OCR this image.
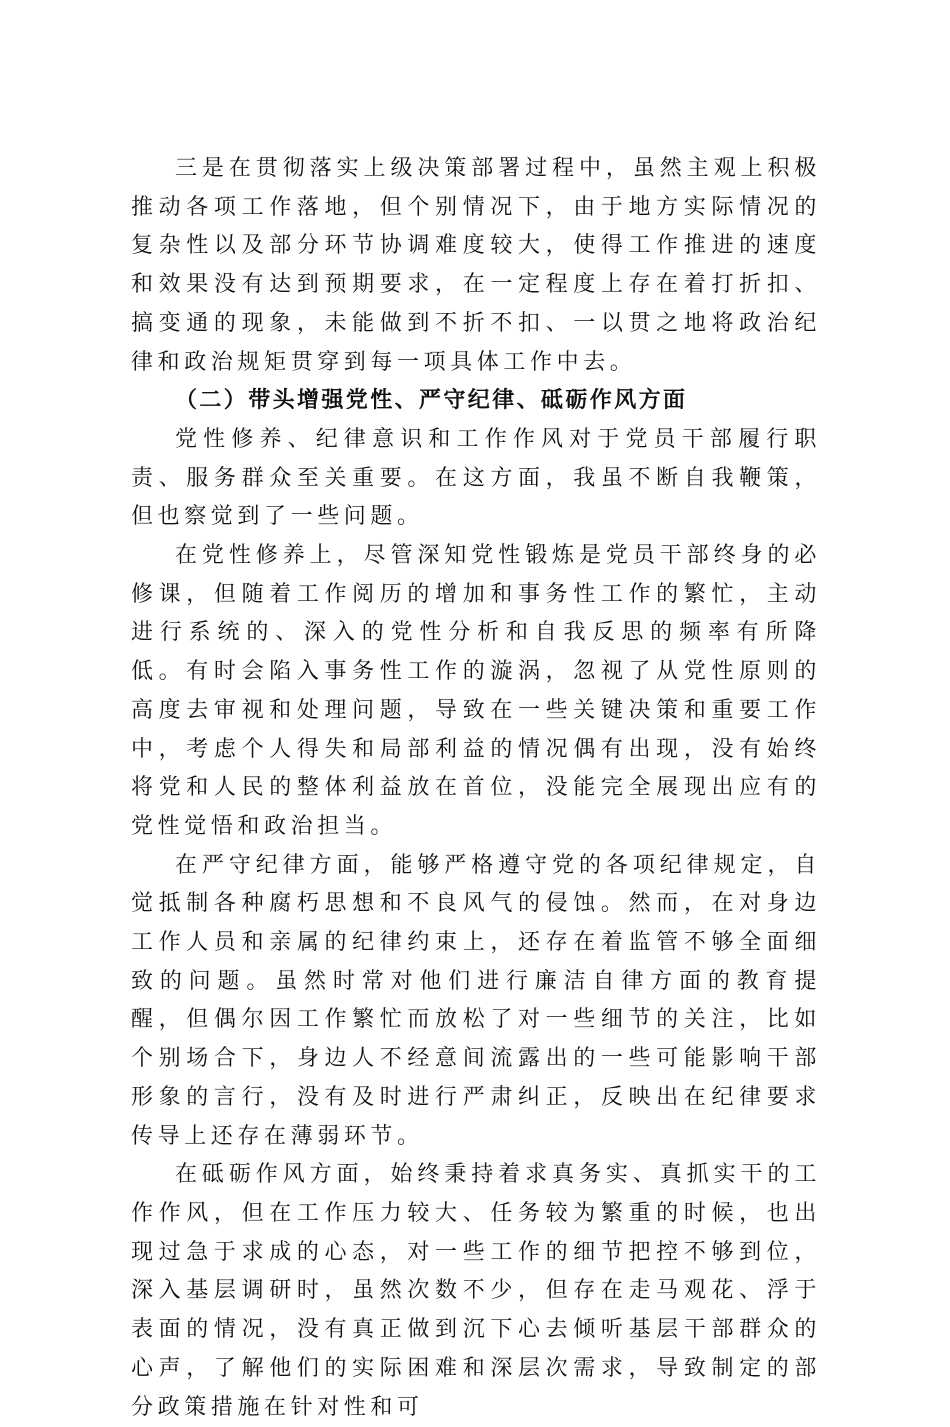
三是在贯彻落实上级决策部署过程中，虽然主观上积极推动各项工作落地，但个别情况下，由于地方实际情况的复杂性以及部分环节协调难度较大，使得工作推进的速度和效果没有达到预期要求，在一定程度上存在着打折扣、搞变通的现象，未能做到不折不扣、一以贯之地将政治纪律和政治规矩贯穿到每一项具体工作中去。

（二）带头增强党性、严守纪律、砥砺作风方面

党性修养、纪律意识和工作作风对于党员干部履行职责、服务群众至关重要。在这方面，我虽不断自我鞭策，但也察觉到了一些问题。

在党性修养上，尽管深知党性锻炼是党员干部终身的必修课，但随着工作阅历的增加和事务性工作的繁忙，主动进行系统的、深入的党性分析和自我反思的频率有所降低。有时会陷入事务性工作的漩涡，忽视了从党性原则的高度去审视和处理问题，导致在一些关键决策和重要工作中，考虑个人得失和局部利益的情况偶有出现，没有始终将党和人民的整体利益放在首位，没能完全展现出应有的党性觉悟和政治担当。

在严守纪律方面，能够严格遵守党的各项纪律规定，自觉抵制各种腐朽思想和不良风气的侵蚀。然而，在对身边工作人员和亲属的纪律约束上，还存在着监管不够全面细致的问题。虽然时常对他们进行廉洁自律方面的教育提醒，但偶尔因工作繁忙而放松了对一些细节的关注，比如个别场合下，身边人不经意间流露出的一些可能影响干部形象的言行，没有及时进行严肃纠正，反映出在纪律要求传导上还存在薄弱环节。

在砥砺作风方面，始终秉持着求真务实、真抓实干的工作作风，但在工作压力较大、任务较为繁重的时候，也出现过急于求成的心态，对一些工作的细节把控不够到位，深入基层调研时，虽然次数不少，但存在走马观花、浮于表面的情况，没有真正做到沉下心去倾听基层干部群众的心声，了解他们的实际困难和深层次需求，导致制定的部分政策措施在针对性和可
